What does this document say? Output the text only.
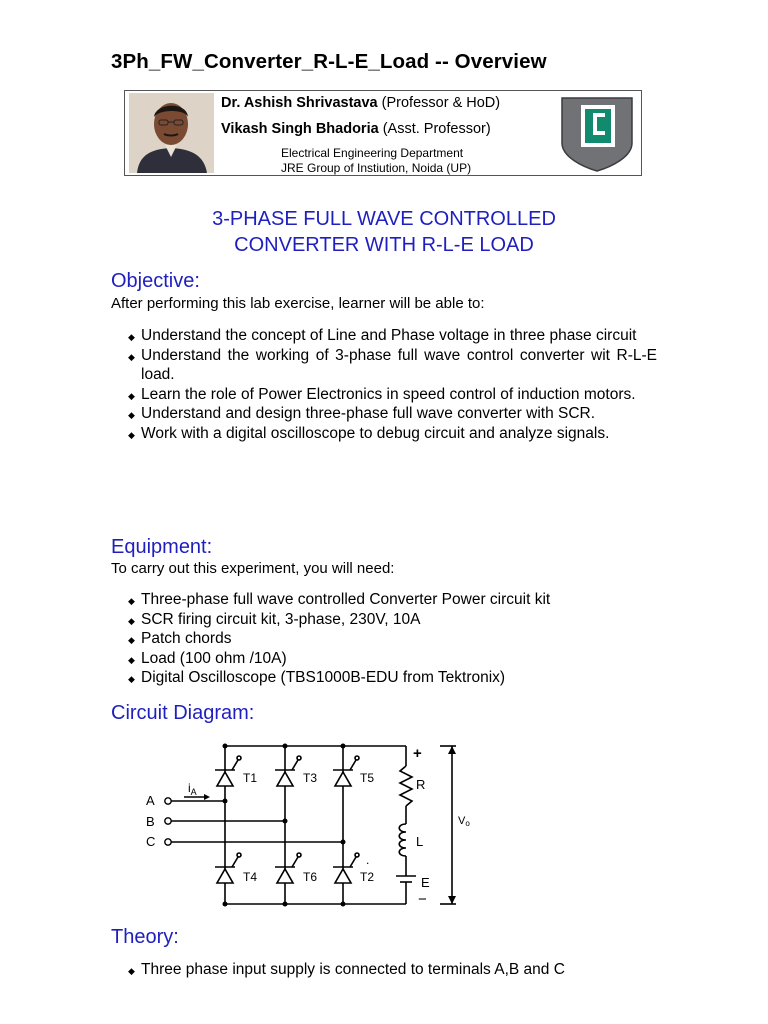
3Ph_FW_Converter_R-L-E_Load -- Overview
Dr. Ashish Shrivastava (Professor & HoD)
Vikash Singh Bhadoria (Asst. Professor)
Electrical Engineering Department
JRE Group of Instiution, Noida (UP)
3-PHASE FULL WAVE CONTROLLED
CONVERTER WITH R-L-E LOAD
Objective:
After performing this lab exercise, learner will be able to:
◆ Understand the concept of Line and Phase voltage in three phase circuit
◆ Understand the working of 3-phase full wave control converter wit R-L-E load.
◆ Learn the role of Power Electronics in speed control of induction motors.
◆ Understand and design three-phase full wave converter with SCR.
◆ Work with a digital oscilloscope to debug circuit and analyze signals.
Equipment:
To carry out this experiment, you will need:
◆ Three-phase full wave controlled Converter Power circuit kit
◆ SCR firing circuit kit, 3-phase, 230V, 10A
◆ Patch chords
◆ Load (100 ohm /10A)
◆ Digital Oscilloscope (TBS1000B-EDU from Tektronix)
Circuit Diagram:
T1	T3	T5
T4	T6	T2
.
A
B
C
$i_A$	R
L
E
+
−
Vo
Theory:
◆ Three phase input supply is connected to terminals A,B and C
